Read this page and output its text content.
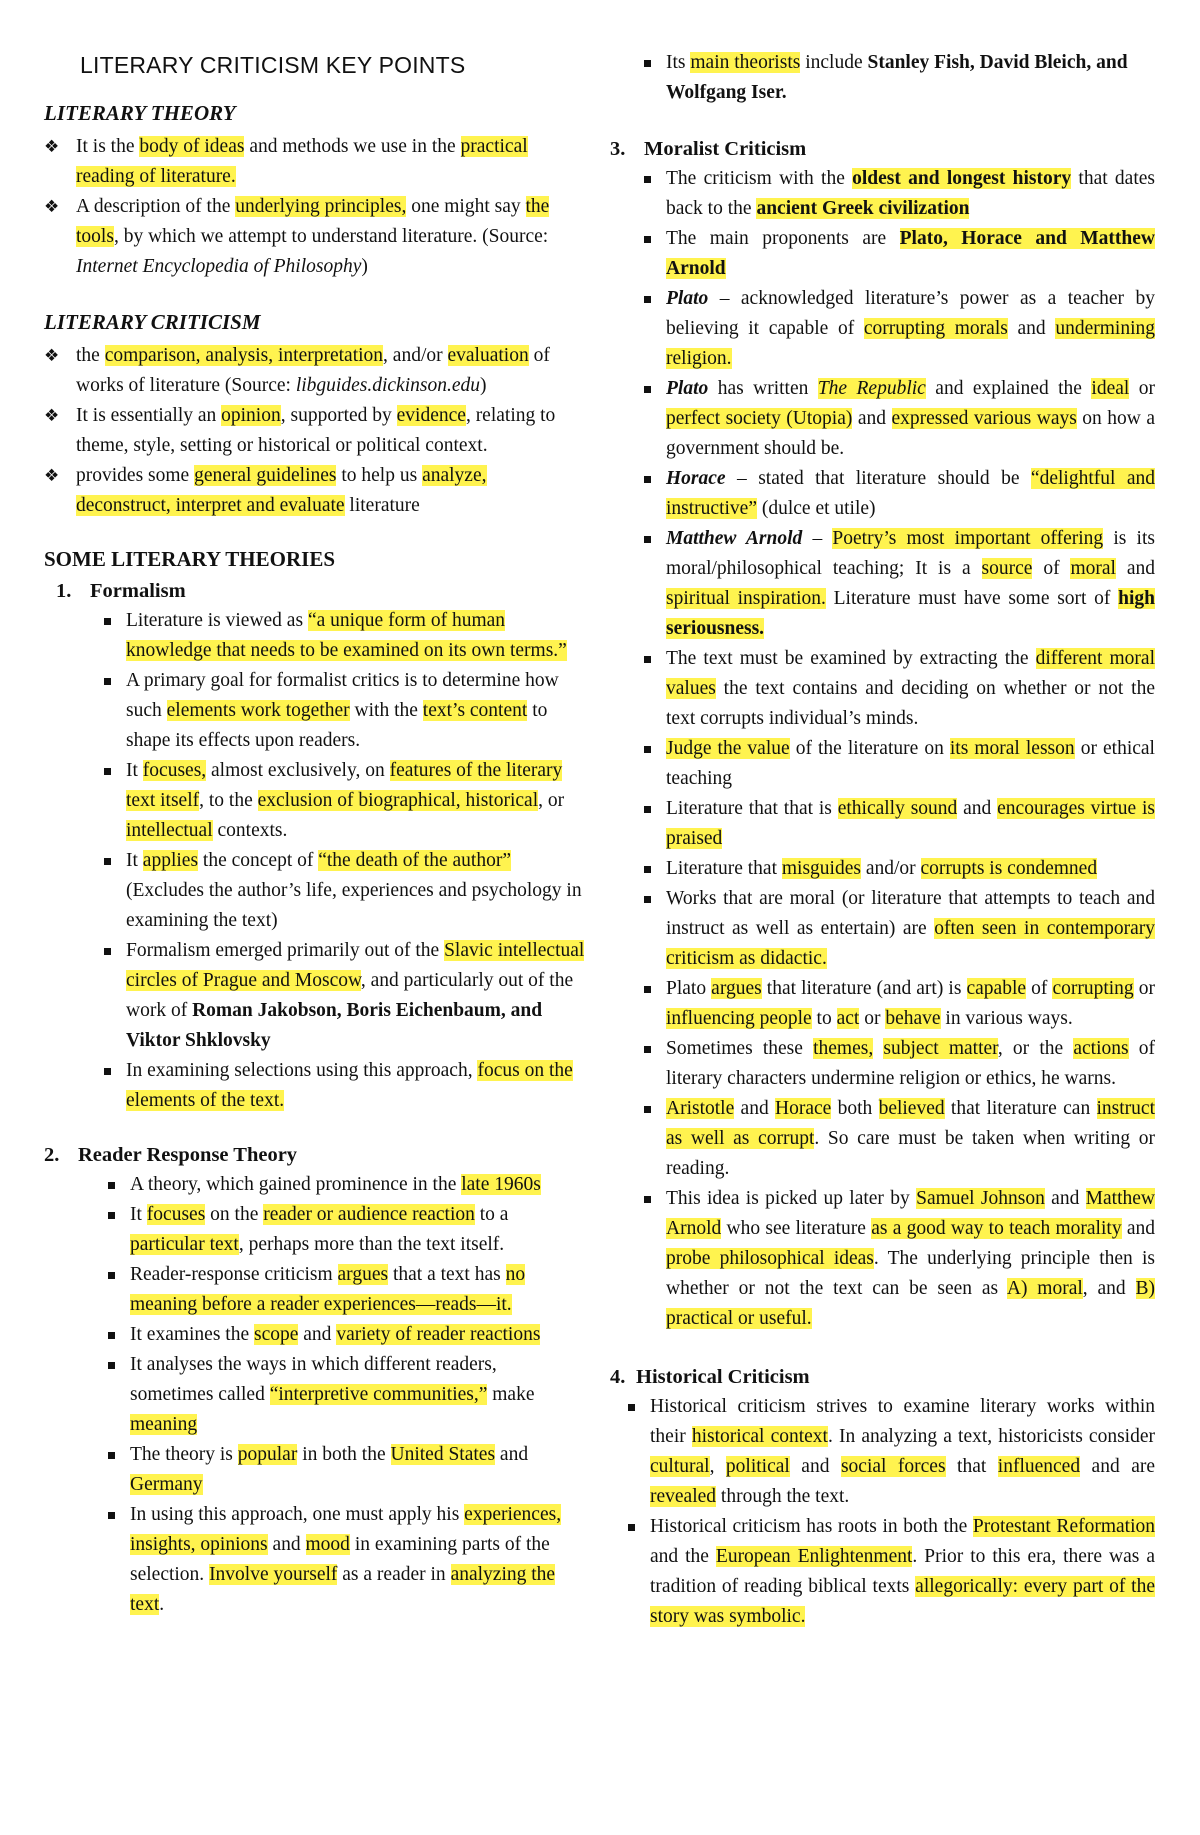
LITERARY CRITICISM KEY POINTS
LITERARY THEORY
❖ It is the body of ideas and methods we use in the practical reading of literature.
❖ A description of the underlying principles, one might say the tools, by which we attempt to understand literature. (Source: Internet Encyclopedia of Philosophy)
LITERARY CRITICISM
❖ the comparison, analysis, interpretation, and/or evaluation of works of literature (Source: libguides.dickinson.edu)
❖ It is essentially an opinion, supported by evidence, relating to theme, style, setting or historical or political context.
❖ provides some general guidelines to help us analyze, deconstruct, interpret and evaluate literature
SOME LITERARY THEORIES
1. Formalism
Literature is viewed as “a unique form of human knowledge that needs to be examined on its own terms.”
A primary goal for formalist critics is to determine how such elements work together with the text’s content to shape its effects upon readers.
It focuses, almost exclusively, on features of the literary text itself, to the exclusion of biographical, historical, or intellectual contexts.
It applies the concept of “the death of the author” (Excludes the author’s life, experiences and psychology in examining the text)
Formalism emerged primarily out of the Slavic intellectual circles of Prague and Moscow, and particularly out of the work of Roman Jakobson, Boris Eichenbaum, and Viktor Shklovsky
In examining selections using this approach, focus on the elements of the text.
2. Reader Response Theory
A theory, which gained prominence in the late 1960s
It focuses on the reader or audience reaction to a particular text, perhaps more than the text itself.
Reader-response criticism argues that a text has no meaning before a reader experiences—reads—it.
It examines the scope and variety of reader reactions
It analyses the ways in which different readers, sometimes called “interpretive communities,” make meaning
The theory is popular in both the United States and Germany
In using this approach, one must apply his experiences, insights, opinions and mood in examining parts of the selection. Involve yourself as a reader in analyzing the text.
Its main theorists include Stanley Fish, David Bleich, and Wolfgang Iser.
3. Moralist Criticism
The criticism with the oldest and longest history that dates back to the ancient Greek civilization
The main proponents are Plato, Horace and Matthew Arnold
Plato – acknowledged literature’s power as a teacher by believing it capable of corrupting morals and undermining religion.
Plato has written The Republic and explained the ideal or perfect society (Utopia) and expressed various ways on how a government should be.
Horace – stated that literature should be “delightful and instructive” (dulce et utile)
Matthew Arnold – Poetry’s most important offering is its moral/philosophical teaching; It is a source of moral and spiritual inspiration. Literature must have some sort of high seriousness.
The text must be examined by extracting the different moral values the text contains and deciding on whether or not the text corrupts individual’s minds.
Judge the value of the literature on its moral lesson or ethical teaching
Literature that that is ethically sound and encourages virtue is praised
Literature that misguides and/or corrupts is condemned
Works that are moral (or literature that attempts to teach and instruct as well as entertain) are often seen in contemporary criticism as didactic.
Plato argues that literature (and art) is capable of corrupting or influencing people to act or behave in various ways.
Sometimes these themes, subject matter, or the actions of literary characters undermine religion or ethics, he warns.
Aristotle and Horace both believed that literature can instruct as well as corrupt. So care must be taken when writing or reading.
This idea is picked up later by Samuel Johnson and Matthew Arnold who see literature as a good way to teach morality and probe philosophical ideas. The underlying principle then is whether or not the text can be seen as A) moral, and B) practical or useful.
4. Historical Criticism
Historical criticism strives to examine literary works within their historical context. In analyzing a text, historicists consider cultural, political and social forces that influenced and are revealed through the text.
Historical criticism has roots in both the Protestant Reformation and the European Enlightenment. Prior to this era, there was a tradition of reading biblical texts allegorically: every part of the story was symbolic.
